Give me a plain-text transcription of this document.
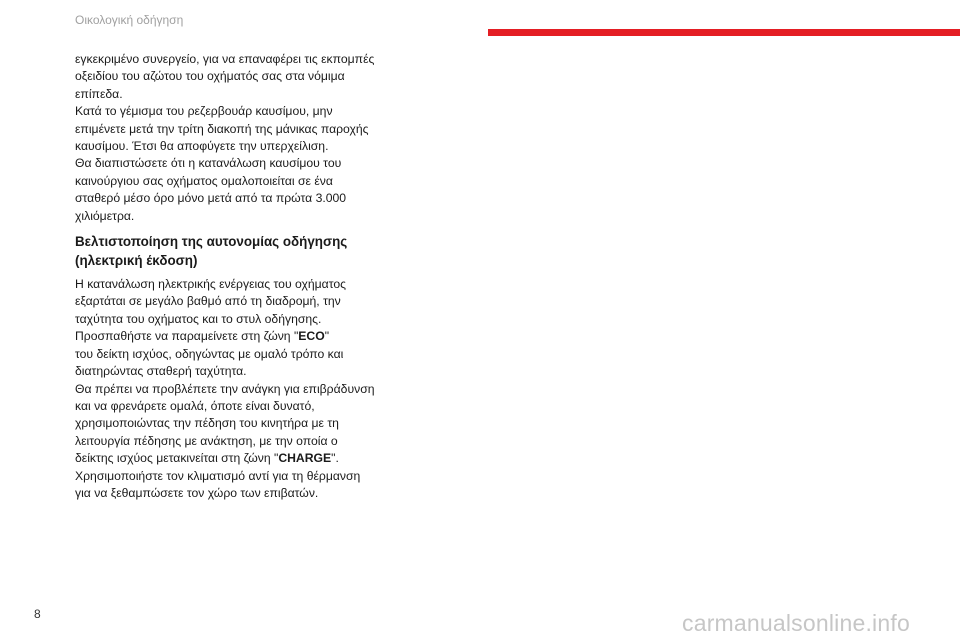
Οικολογική οδήγηση

εγκεκριμένο συνεργείο, για να επαναφέρει τις εκπομπές
οξειδίου του αζώτου του οχήματός σας στα νόμιμα
επίπεδα.

Κατά το γέμισμα του ρεζερβουάρ καυσίμου, μην
επιμένετε μετά την τρίτη διακοπή της μάνικας παροχής
καυσίμου. Έτσι θα αποφύγετε την υπερχείλιση.

Θα διαπιστώσετε ότι η κατανάλωση καυσίμου του
καινούργιου σας οχήματος ομαλοποιείται σε ένα
σταθερό μέσο όρο μόνο μετά από τα πρώτα 3.000
χιλιόμετρα.

Βελτιστοποίηση της αυτονομίας οδήγησης
(ηλεκτρική έκδοση)

Η κατανάλωση ηλεκτρικής ενέργειας του οχήματος
εξαρτάται σε μεγάλο βαθμό από τη διαδρομή, την
ταχύτητα του οχήματος και το στυλ οδήγησης.

Προσπαθήστε να παραμείνετε στη ζώνη "ECO"
του δείκτη ισχύος, οδηγώντας με ομαλό τρόπο και
διατηρώντας σταθερή ταχύτητα.

Θα πρέπει να προβλέπετε την ανάγκη για επιβράδυνση
και να φρενάρετε ομαλά, όποτε είναι δυνατό,
χρησιμοποιώντας την πέδηση του κινητήρα με τη
λειτουργία πέδησης με ανάκτηση, με την οποία ο
δείκτης ισχύος μετακινείται στη ζώνη "CHARGE".

Χρησιμοποιήστε τον κλιματισμό αντί για τη θέρμανση
για να ξεθαμπώσετε τον χώρο των επιβατών.

8	carmanualsonline.info
